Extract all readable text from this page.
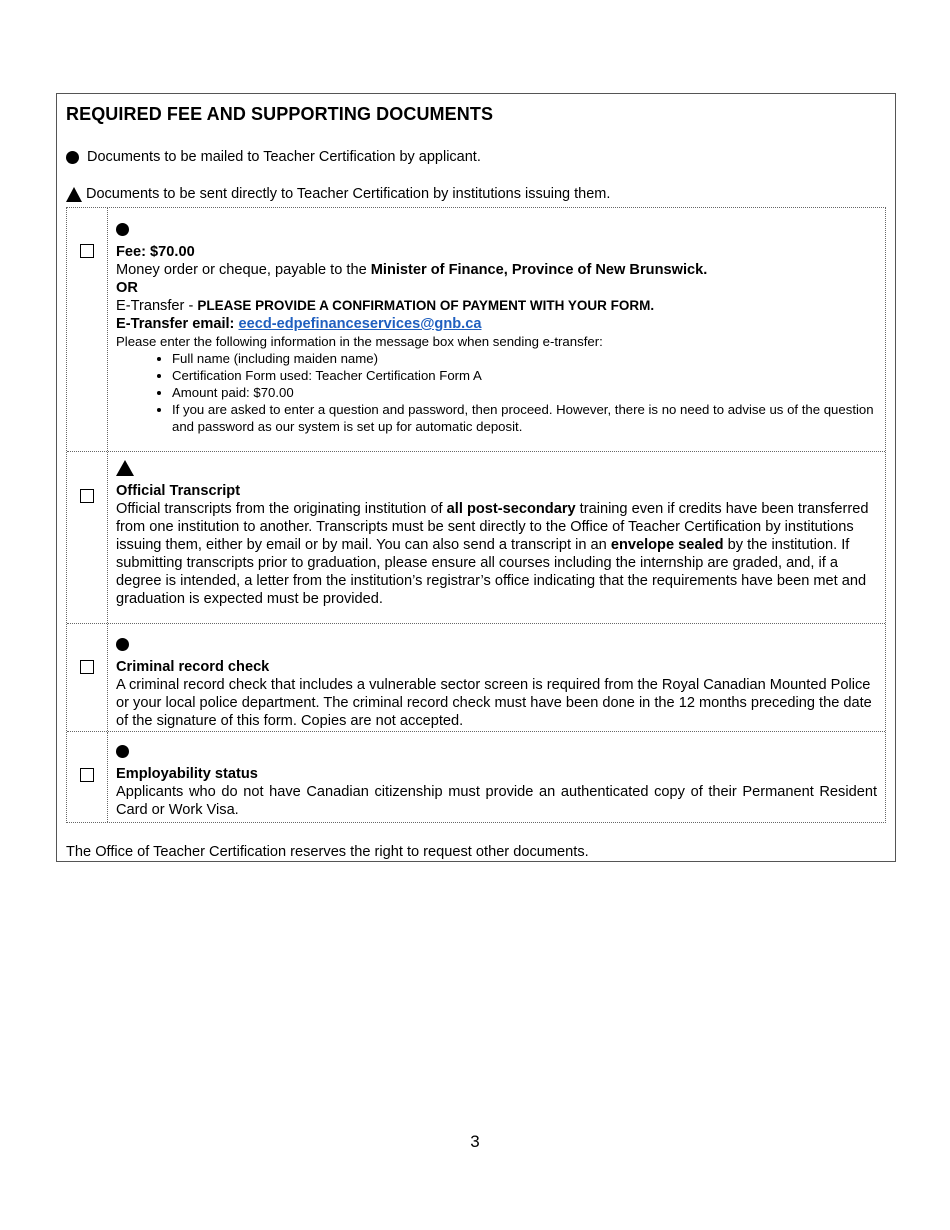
REQUIRED FEE AND SUPPORTING DOCUMENTS
Documents to be mailed to Teacher Certification by applicant.
Documents to be sent directly to Teacher Certification by institutions issuing them.
Fee: $70.00
Money order or cheque, payable to the Minister of Finance, Province of New Brunswick.
OR
E-Transfer - PLEASE PROVIDE A CONFIRMATION OF PAYMENT WITH YOUR FORM.
E-Transfer email: eecd-edpefinanceservices@gnb.ca
Please enter the following information in the message box when sending e-transfer:
• Full name (including maiden name)
• Certification Form used: Teacher Certification Form A
• Amount paid: $70.00
• If you are asked to enter a question and password, then proceed. However, there is no need to advise us of the question and password as our system is set up for automatic deposit.
Official Transcript
Official transcripts from the originating institution of all post-secondary training even if credits have been transferred from one institution to another. Transcripts must be sent directly to the Office of Teacher Certification by institutions issuing them, either by email or by mail. You can also send a transcript in an envelope sealed by the institution. If submitting transcripts prior to graduation, please ensure all courses including the internship are graded, and, if a degree is intended, a letter from the institution’s registrar’s office indicating that the requirements have been met and graduation is expected must be provided.
Criminal record check
A criminal record check that includes a vulnerable sector screen is required from the Royal Canadian Mounted Police or your local police department. The criminal record check must have been done in the 12 months preceding the date of the signature of this form. Copies are not accepted.
Employability status
Applicants who do not have Canadian citizenship must provide an authenticated copy of their Permanent Resident Card or Work Visa.
The Office of Teacher Certification reserves the right to request other documents.
3
